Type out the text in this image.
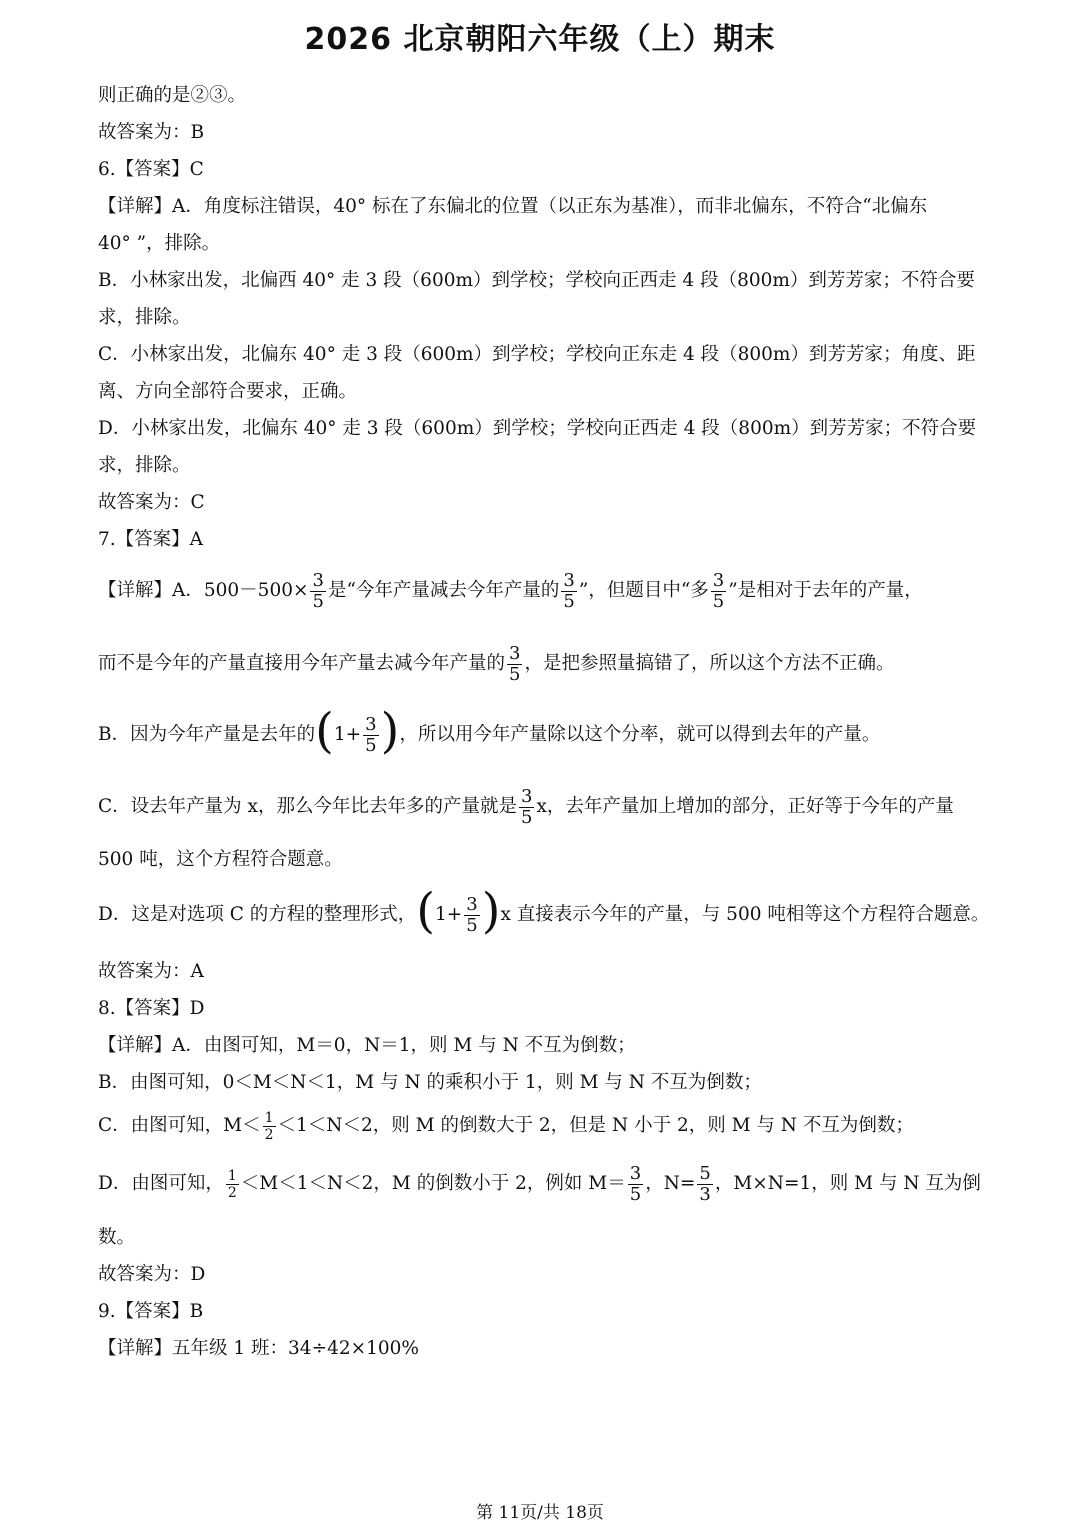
2026 北京朝阳六年级（上）期末
则正确的是②③。
故答案为：B
6.【答案】C
【详解】A．角度标注错误，40° 标在了东偏北的位置（以正东为基准），而非北偏东，不符合“北偏东
40° ”，排除。
B．小林家出发，北偏西 40° 走 3 段（600m）到学校；学校向正西走 4 段（800m）到芳芳家；不符合要
求，排除。
C．小林家出发，北偏东 40° 走 3 段（600m）到学校；学校向正东走 4 段（800m）到芳芳家；角度、距
离、方向全部符合要求，正确。
D．小林家出发，北偏东 40° 走 3 段（600m）到学校；学校向正西走 4 段（800m）到芳芳家；不符合要
求，排除。
故答案为：C
7.【答案】A
【详解】A．$500-500\times \frac{3}{5}$ 是“今年产量减去今年产量的 $\frac{3}{5}$ ”，但题目中“多 $\frac{3}{5}$ ”是相对于去年的产量，
而不是今年的产量直接用今年产量去减今年产量的 $\frac{3}{5}$ ，是把参照量搞错了，所以这个方法不正确。
B．因为今年产量是去年的($1+ \frac{3}{5}$ )，所以用今年产量除以这个分率，就可以得到去年的产量。
C．设去年产量为 x，那么今年比去年多的产量就是 $\frac{3}{5}$ x，去年产量加上增加的部分，正好等于今年的产量
500 吨，这个方程符合题意。
D．这是对选项 C 的方程的整理形式，$(1+ \frac{3}{5} )x$ 直接表示今年的产量，与 500 吨相等这个方程符合题意。
故答案为：A
8.【答案】D
【详解】A．由图可知，M＝0，N＝1，则 M 与 N 不互为倒数；
B．由图可知，0＜M＜N＜1，M 与 N 的乘积小于 1，则 M 与 N 不互为倒数；
C．由图可知，$M< \frac{1}{2} <1<N<2$，则 M 的倒数大于 2，但是 N 小于 2，则 M 与 N 不互为倒数；
D．由图可知， $\frac{1}{2} <M<1<N<2$，M 的倒数小于 2，例如 $M= \frac{3}{5}$ ，$N= \frac{5}{3}$ ，M×N=1，则 M 与 N 互为倒
数。
故答案为：D
9.【答案】B
【详解】五年级 1 班：34÷42×100%
第 11页/共 18页
